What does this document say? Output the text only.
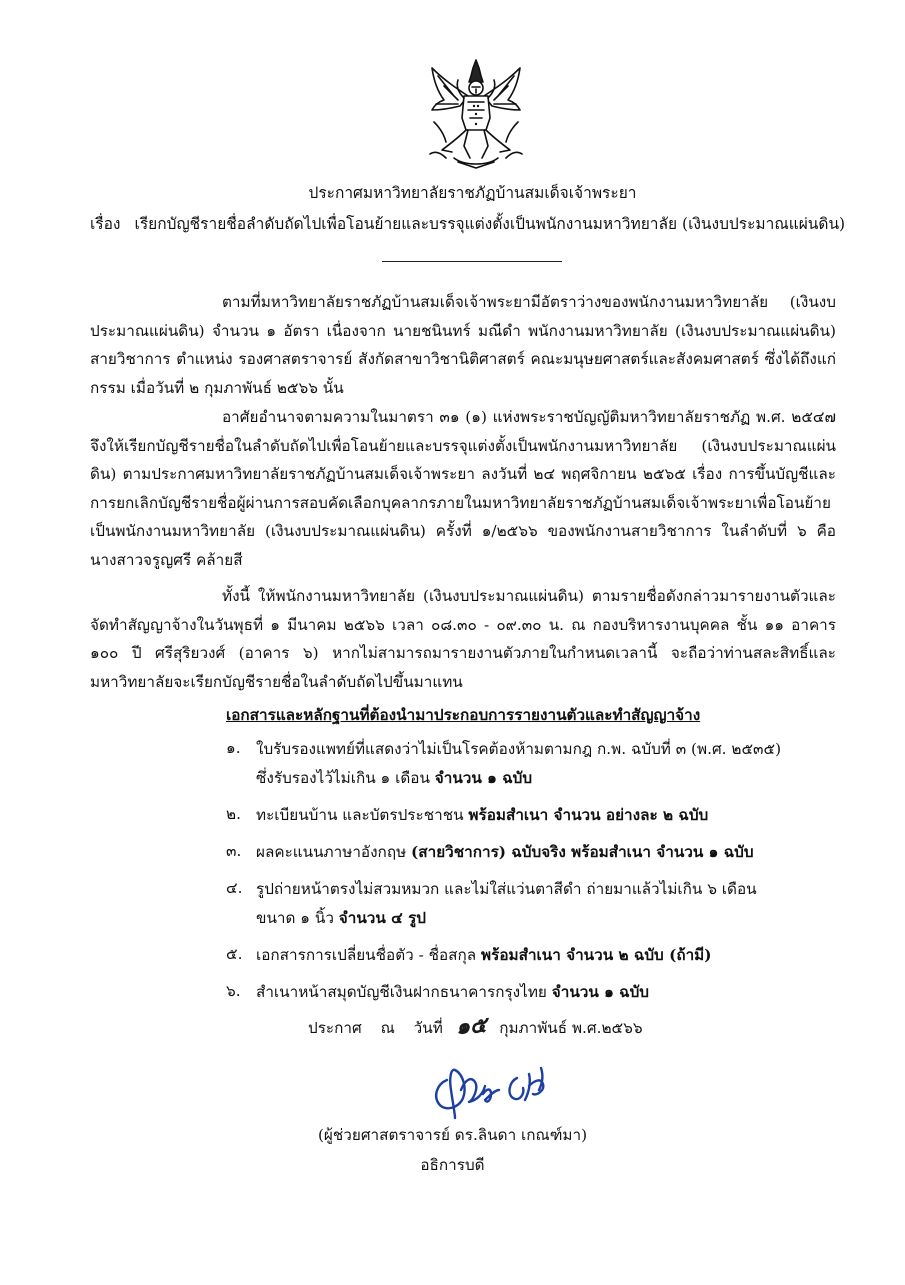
ประกาศมหาวิทยาลัยราชภัฏบ้านสมเด็จเจ้าพระยา
เรื่อง เรียกบัญชีรายชื่อลำดับถัดไปเพื่อโอนย้ายและบรรจุแต่งตั้งเป็นพนักงานมหาวิทยาลัย (เงินงบประมาณแผ่นดิน)

ตามที่มหาวิทยาลัยราชภัฏบ้านสมเด็จเจ้าพระยามีอัตราว่างของพนักงานมหาวิทยาลัย (เงินงบประมาณแผ่นดิน) จำนวน ๑ อัตรา เนื่องจาก นายชนินทร์ มณีดำ พนักงานมหาวิทยาลัย (เงินงบประมาณแผ่นดิน) สายวิชาการ ตำแหน่ง รองศาสตราจารย์ สังกัดสาขาวิชานิติศาสตร์ คณะมนุษยศาสตร์และสังคมศาสตร์ ซึ่งได้ถึงแก่กรรม เมื่อวันที่ ๒ กุมภาพันธ์ ๒๕๖๖ นั้น

อาศัยอำนาจตามความในมาตรา ๓๑ (๑) แห่งพระราชบัญญัติมหาวิทยาลัยราชภัฏ พ.ศ. ๒๕๔๗ จึงให้เรียกบัญชีรายชื่อในลำดับถัดไปเพื่อโอนย้ายและบรรจุแต่งตั้งเป็นพนักงานมหาวิทยาลัย (เงินงบประมาณแผ่นดิน) ตามประกาศมหาวิทยาลัยราชภัฏบ้านสมเด็จเจ้าพระยา ลงวันที่ ๒๔ พฤศจิกายน ๒๕๖๕ เรื่อง การขึ้นบัญชีและการยกเลิกบัญชีรายชื่อผู้ผ่านการสอบคัดเลือกบุคลากรภายในมหาวิทยาลัยราชภัฏบ้านสมเด็จเจ้าพระยาเพื่อโอนย้ายเป็นพนักงานมหาวิทยาลัย (เงินงบประมาณแผ่นดิน) ครั้งที่ ๑/๒๕๖๖ ของพนักงานสายวิชาการ ในลำดับที่ ๖ คือ นางสาวจรูญศรี คล้ายสี

ทั้งนี้ ให้พนักงานมหาวิทยาลัย (เงินงบประมาณแผ่นดิน) ตามรายชื่อดังกล่าวมารายงานตัวและจัดทำสัญญาจ้างในวันพุธที่ ๑ มีนาคม ๒๕๖๖ เวลา ๐๘.๓๐ - ๐๙.๓๐ น. ณ กองบริหารงานบุคคล ชั้น ๑๑ อาคาร ๑๐๐ ปี ศรีสุริยวงศ์ (อาคาร ๖) หากไม่สามารถมารายงานตัวภายในกำหนดเวลานี้ จะถือว่าท่านสละสิทธิ์และมหาวิทยาลัยจะเรียกบัญชีรายชื่อในลำดับถัดไปขึ้นมาแทน

เอกสารและหลักฐานที่ต้องนำมาประกอบการรายงานตัวและทำสัญญาจ้าง
๑. ใบรับรองแพทย์ที่แสดงว่าไม่เป็นโรคต้องห้ามตามกฎ ก.พ. ฉบับที่ ๓ (พ.ศ. ๒๕๓๕)
ซึ่งรับรองไว้ไม่เกิน ๑ เดือน จำนวน ๑ ฉบับ
๒. ทะเบียนบ้าน และบัตรประชาชน พร้อมสำเนา จำนวน อย่างละ ๒ ฉบับ
๓. ผลคะแนนภาษาอังกฤษ (สายวิชาการ) ฉบับจริง พร้อมสำเนา จำนวน ๑ ฉบับ
๔. รูปถ่ายหน้าตรงไม่สวมหมวก และไม่ใส่แว่นตาสีดำ ถ่ายมาแล้วไม่เกิน ๖ เดือน
ขนาด ๑ นิ้ว จำนวน ๔ รูป
๕. เอกสารการเปลี่ยนชื่อตัว - ชื่อสกุล พร้อมสำเนา จำนวน ๒ ฉบับ (ถ้ามี)
๖. สำเนาหน้าสมุดบัญชีเงินฝากธนาคารกรุงไทย จำนวน ๑ ฉบับ
ประกาศ ณ วันที่ ๑๕ กุมภาพันธ์ พ.ศ.๒๕๖๖
(ผู้ช่วยศาสตราจารย์ ดร.ลินดา เกณฑ์มา)
อธิการบดี
